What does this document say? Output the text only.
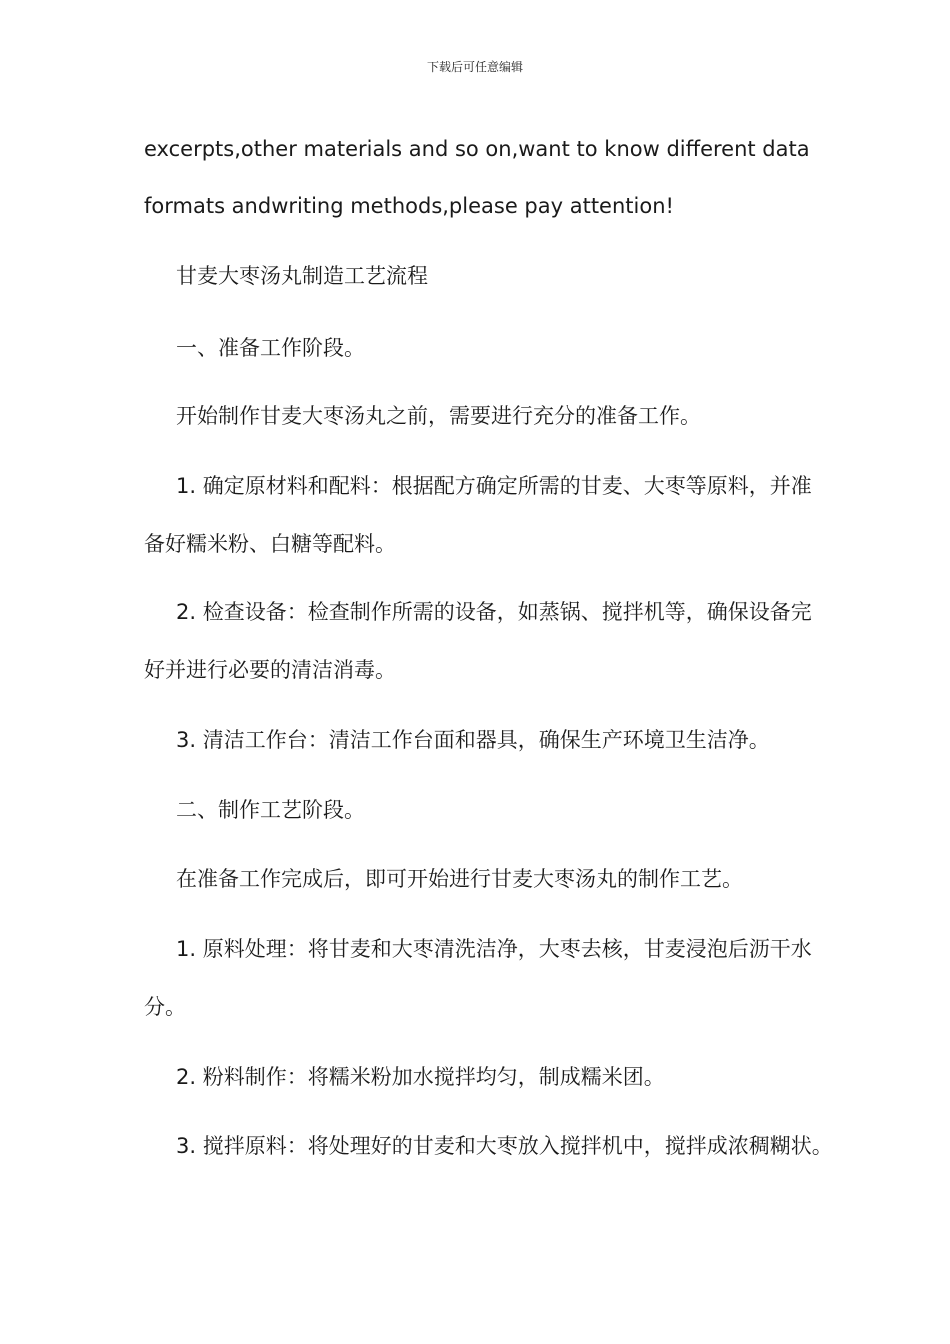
下载后可任意编辑
excerpts,other materials and so on,want to know different data
formats andwriting methods,please pay attention!
甘麦大枣汤丸制造工艺流程
一、准备工作阶段。
开始制作甘麦大枣汤丸之前，需要进行充分的准备工作。
1. 确定原材料和配料：根据配方确定所需的甘麦、大枣等原料，并准
备好糯米粉、白糖等配料。
2. 检查设备：检查制作所需的设备，如蒸锅、搅拌机等，确保设备完
好并进行必要的清洁消毒。
3. 清洁工作台：清洁工作台面和器具，确保生产环境卫生洁净。
二、制作工艺阶段。
在准备工作完成后，即可开始进行甘麦大枣汤丸的制作工艺。
1. 原料处理：将甘麦和大枣清洗洁净，大枣去核，甘麦浸泡后沥干水
分。
2. 粉料制作：将糯米粉加水搅拌均匀，制成糯米团。
3. 搅拌原料：将处理好的甘麦和大枣放入搅拌机中，搅拌成浓稠糊状。
